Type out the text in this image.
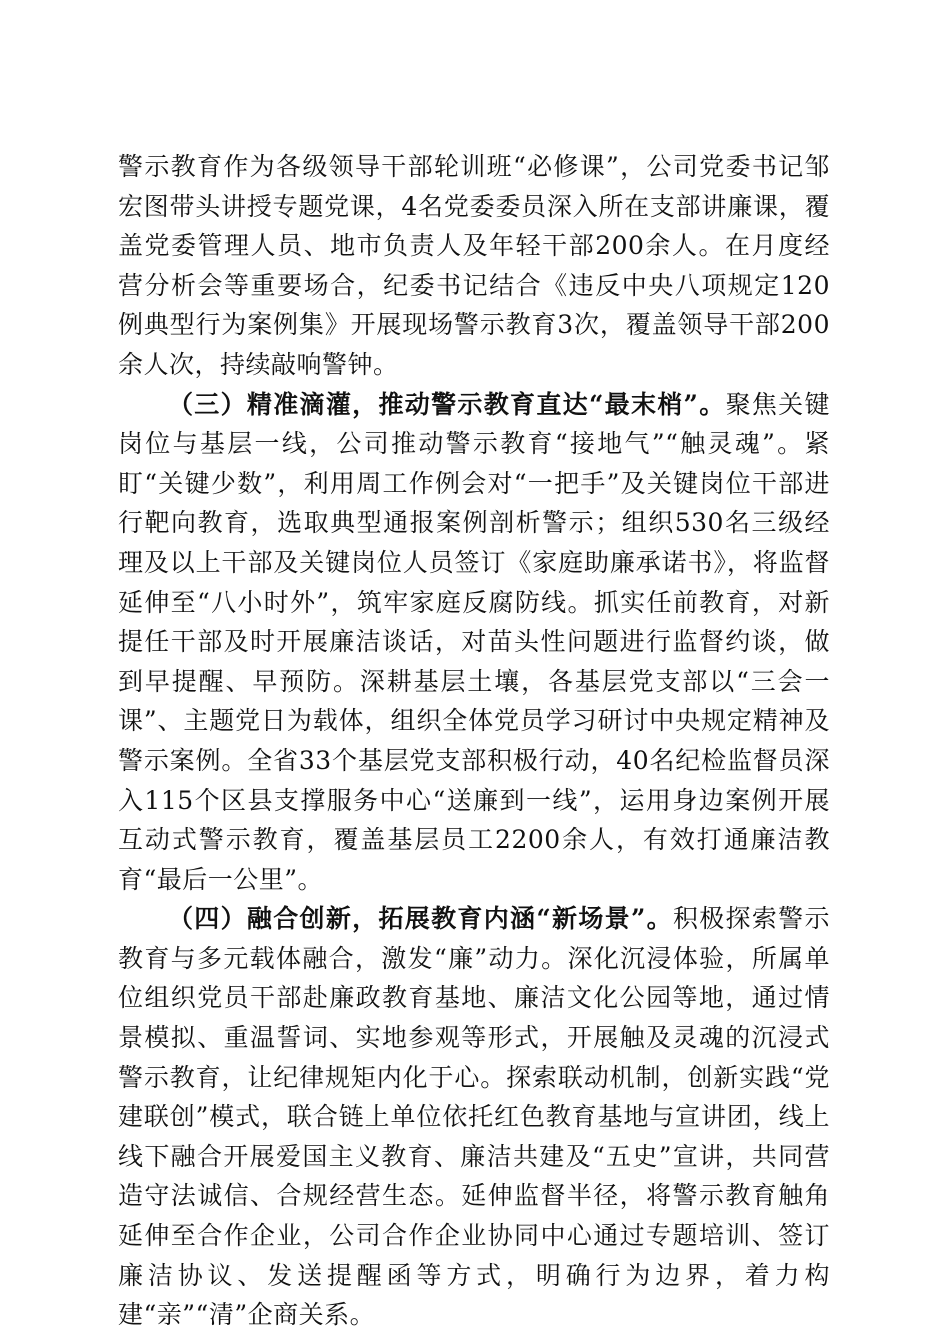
警示教育作为各级领导干部轮训班“必修课”，公司党委书记邹宏图带头讲授专题党课，4名党委委员深入所在支部讲廉课，覆盖党委管理人员、地市负责人及年轻干部200余人。在月度经营分析会等重要场合，纪委书记结合《违反中央八项规定120例典型行为案例集》开展现场警示教育3次，覆盖领导干部200余人次，持续敲响警钟。

（三）精准滴灌，推动警示教育直达“最末梢”。聚焦关键岗位与基层一线，公司推动警示教育“接地气”“触灵魂”。紧盯“关键少数”，利用周工作例会对“一把手”及关键岗位干部进行靶向教育，选取典型通报案例剖析警示；组织530名三级经理及以上干部及关键岗位人员签订《家庭助廉承诺书》，将监督延伸至“八小时外”，筑牢家庭反腐防线。抓实任前教育，对新提任干部及时开展廉洁谈话，对苗头性问题进行监督约谈，做到早提醒、早预防。深耕基层土壤，各基层党支部以“三会一课”、主题党日为载体，组织全体党员学习研讨中央规定精神及警示案例。全省33个基层党支部积极行动，40名纪检监督员深入115个区县支撑服务中心“送廉到一线”，运用身边案例开展互动式警示教育，覆盖基层员工2200余人，有效打通廉洁教育“最后一公里”。

（四）融合创新，拓展教育内涵“新场景”。积极探索警示教育与多元载体融合，激发“廉”动力。深化沉浸体验，所属单位组织党员干部赴廉政教育基地、廉洁文化公园等地，通过情景模拟、重温誓词、实地参观等形式，开展触及灵魂的沉浸式警示教育，让纪律规矩内化于心。探索联动机制，创新实践“党建联创”模式，联合链上单位依托红色教育基地与宣讲团，线上线下融合开展爱国主义教育、廉洁共建及“五史”宣讲，共同营造守法诚信、合规经营生态。延伸监督半径，将警示教育触角延伸至合作企业，公司合作企业协同中心通过专题培训、签订廉洁协议、发送提醒函等方式，明确行为边界，着力构建“亲”“清”企商关系。
